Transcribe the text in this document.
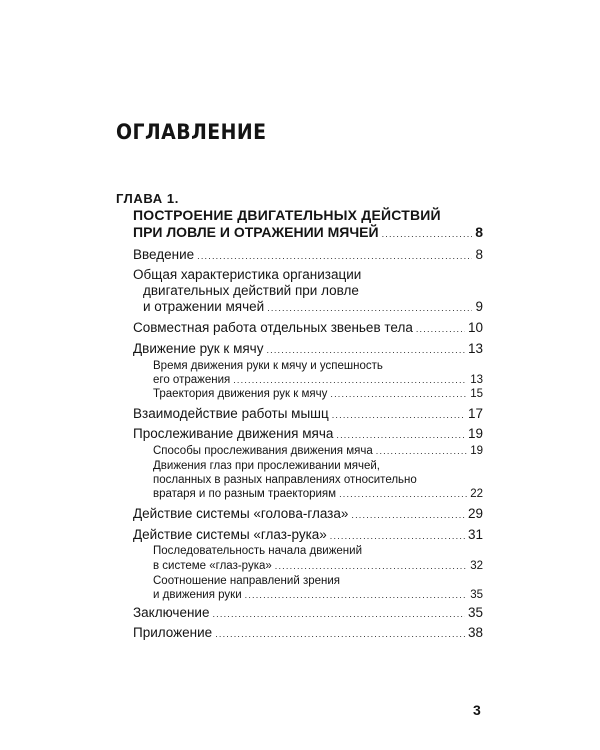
ОГЛАВЛЕНИЕ
ГЛАВА 1.
ПОСТРОЕНИЕ ДВИГАТЕЛЬНЫХ ДЕЙСТВИЙ
ПРИ ЛОВЛЕ И ОТРАЖЕНИИ МЯЧЕЙ .....	8
Введение .....	8
Общая характеристика организации
двигательных действий при ловле
и отражении мячей .....	9
Совместная работа отдельных звеньев тела .....	10
Движение рук к мячу .....	13
Время движения руки к мячу и успешность
его отражения .....	13
Траектория движения рук к мячу .....	15
Взаимодействие работы мышц .....	17
Прослеживание движения мяча .....	19
Способы прослеживания движения мяча .....	19
Движения глаз при прослеживании мячей,
посланных в разных направлениях относительно
вратаря и по разным траекториям .....	22
Действие системы «голова-глаза» .....	29
Действие системы «глаз-рука» .....	31
Последовательность начала движений
в системе «глаз-рука» .....	32
Соотношение направлений зрения
и движения руки .....	35
Заключение .....	35
Приложение .....	38
3
